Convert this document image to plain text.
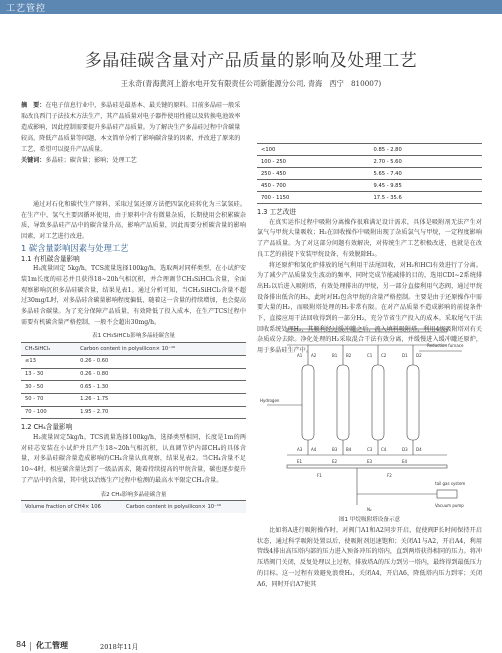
工艺管控
多晶硅碳含量对产品质量的影响及处理工艺
王永奇(青海黄河上游水电开发有限责任公司新能源分公司, 青海　西宁　810007)
摘　要：在电子信息行业中，多晶硅是最基本、最关键的原料。目前多晶硅一般采取改良西门子法技术方法生产，其产品质量对电子器件使用性能以及转换电池效率造成影响，因此控制需要提升多晶硅产品质量。为了解决生产多晶硅过程中含碳量较高，降低产品质量等问题，本文简单分析了影响碳含量的因素，并改进了原来的工艺，希望可以提升产品质量。
关键词：多晶硅；碳含量；影响；处理工艺

通过对石化和碳代生产原料，采取过氢还原方法把四氯化硅转化为三氯氢硅。在生产中，氢气主要因循环使用，由于原料中含有微量杂质，长期使用会积累碳杂质，导致多晶硅产品中的碳含量升高，影响产品质量，因此需要分析碳含量的影响因素，对工艺进行改进。

1 碳含量影响因素与处理工艺
1.1 有机碳含量影响

H₂流量固定 5kg/h，TCS流量选择100kg/h，选取两对同样类型，在小试炉安装1m长度的硅芯并且获得18~20h气相沉积，并合理调节CH₃SiHCl₂含量，全面观察影响沉积多晶硅碳含量，结果见表1。通过分析可知，当CH₃SiHCl₂含量不超过30mg/L时，对多晶硅含碳量影响程度偏低，随着这一含量的持续增加，也会提高多晶硅含碳量。为了充分保障产品质量，有效降低了投入成本，在生产TCS过程中需要有机碳含量严格控制，一般不会超出30mg/h。

表1 CH₃SiHCl₂影响多晶硅碳含量
CH₃SiHCl₂	Carbon content in polysilicon× 10⁻¹⁶
≤13	0.26 - 0.60
13 - 30	0.26 - 0.80
30 - 50	0.65 - 1.30
50 - 70	1.26 - 1.75
70 - 100	1.95 - 2.70
1.2 CH₄含量影响

H₂流量固定5kg/h，TCS流量选择100kg/h，选择类型相同，长度是1m的两对硅芯安装在小试炉并且产生18~20h气相沉积，认真调节炉内部CH₄的具体含量，对多晶硅碳含量造成影响的CH₄含量认真观察，结果见表2。当CH₄含量不足10~4时，相应碳含量达到了一级品需求，随着持续提高的甲烷含量，碳也逐步提升了产品中的含量，其中犹以冶炼生产过程中检测的最高水平限定CH₄含量。

表2 CH₄影响多晶硅碳含量
Volume fraction of CH4× 106	Carbon content in polysilicon× 10⁻¹⁶
<100	0.85 - 2.80
100 - 250	2.70 - 5.60
250 - 450	5.65 - 7.40
450 - 700	9.45 - 9.85
700 - 1150	17.5 - 35.6
1.3 工艺改进

在真实运作过程中吸附分离操作很难满足设计需求，具体是吸附剂无法产生对氯气与甲烷大量吸收；H₂在回收操作中吸附出现了杂质氯气与甲烷，一定程度影响了产品质量。为了对这部分问题有效解决，对传统生产工艺积极改进，也就是在改良工艺的前提下安装甲烷设备，有效脱除H₂。

将还原炉和氢化炉排放的尾气利用干法尾回收，对H₂和HCl有效进行了分离。为了减少产品质量发生波动的频率，同时完成节能减排的目的，选用CDI~2系统排出H₂以后进入吸附塔，有效处理排出的甲烷，另一部分直接利用气态阀，通过甲烷设备排出低含的H₂，此时对H₂包含甲烷的含量严格控制。主要是由于还原操作中需要大量的H₂，而吸附塔处理的H₂非常有限。在对产品质量不造成影响的前提条件下，直接应用干法回收得到的一部分H₂，充分节省生产投入的成本。采取尾气干法回收系统处理H₂，其顺利经过缓冲罐之后，流入填料吸附塔，利用4级吸附塔对有关杂质成分去除。净化处理的H₂采取混合干法有效分离，并缓慢进入缓冲罐还原炉，用于多晶硅生产中。

Hydrogen
Reduction furnace
tail gas system
Vacuum pump
N₂
A1 A2
A3 A4
B1 B2
B3 B4
C1 C2
C3 C4
D1 D2
D3 D4
E1	E2	E3	E4
F1	F2
图1 甲烷吸附塔设备示意

比如将A进行吸附操作时，对阀门A1和A2同步开启，促使阀F长时间保持开启状态，通过科学吸附处置以后，使吸附剂迅速饱和；关闭A1与A2，开启A4，利用管线4排出高压塔内部的压力进入预备冲压的塔内，直到两塔获得相同的压力。将冲压塔阀门关闭，反复处理以上过程，排放塔A的压力到另一塔内，最终得到最低压力的目标。这一过程有效避免浪费H₂，关闭A4，开启A6，降低塔内压力到零；关闭A6，同时开启A7使其

84 化工管理	2018年11月
